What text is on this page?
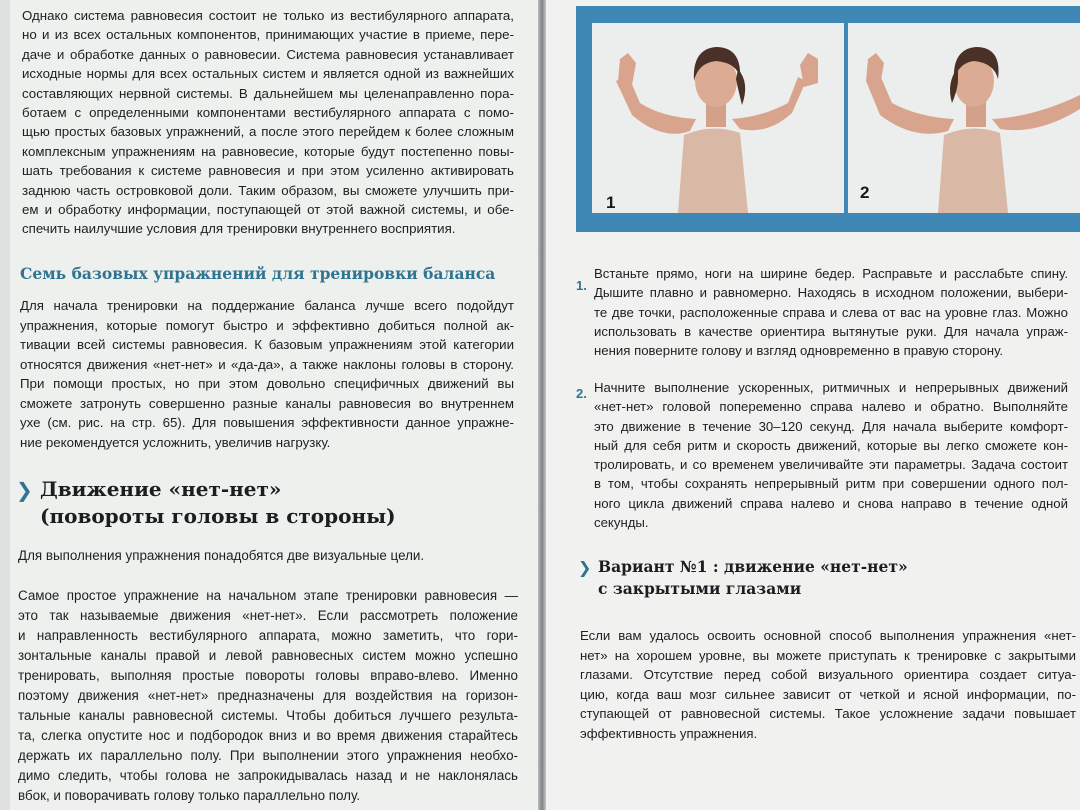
Однако система равновесия состоит не только из вестибулярного аппарата,
но и из всех остальных компонентов, принимающих участие в приеме, пере-
даче и обработке данных о равновесии. Система равновесия устанавливает
исходные нормы для всех остальных систем и является одной из важнейших
составляющих нервной системы. В дальнейшем мы целенаправленно пора-
ботаем с определенными компонентами вестибулярного аппарата с помо-
щью простых базовых упражнений, а после этого перейдем к более сложным
комплексным упражнениям на равновесие, которые будут постепенно повы-
шать требования к системе равновесия и при этом усиленно активировать
заднюю часть островковой доли. Таким образом, вы сможете улучшить при-
ем и обработку информации, поступающей от этой важной системы, и обе-
спечить наилучшие условия для тренировки внутреннего восприятия.

Семь базовых упражнений для тренировки баланса

Для начала тренировки на поддержание баланса лучше всего подойдут
упражнения, которые помогут быстро и эффективно добиться полной ак-
тивации всей системы равновесия. К базовым упражнениям этой категории
относятся движения «нет-нет» и «да-да», а также наклоны головы в сторону.
При помощи простых, но при этом довольно специфичных движений вы
сможете затронуть совершенно разные каналы равновесия во внутреннем
ухе (см. рис. на стр. 65). Для повышения эффективности данное упражне-
ние рекомендуется усложнить, увеличив нагрузку.

❯ Движение «нет-нет»
(повороты головы в стороны)

Для выполнения упражнения понадобятся две визуальные цели.

Самое простое упражнение на начальном этапе тренировки равновесия —
это так называемые движения «нет-нет». Если рассмотреть положение
и направленность вестибулярного аппарата, можно заметить, что гори-
зонтальные каналы правой и левой равновесных систем можно успешно
тренировать, выполняя простые повороты головы вправо-влево. Именно
поэтому движения «нет-нет» предназначены для воздействия на горизон-
тальные каналы равновесной системы. Чтобы добиться лучшего результа-
та, слегка опустите нос и подбородок вниз и во время движения старайтесь
держать их параллельно полу. При выполнении этого упражнения необхо-
димо следить, чтобы голова не запрокидывалась назад и не наклонялась
вбок, и поворачивать голову только параллельно полу.

1
2
1.

Встаньте прямо, ноги на ширине бедер. Расправьте и расслабьте спину.
Дышите плавно и равномерно. Находясь в исходном положении, выбери-
те две точки, расположенные справа и слева от вас на уровне глаз. Можно
использовать в качестве ориентира вытянутые руки. Для начала упраж-
нения поверните голову и взгляд одновременно в правую сторону.

2. Начните выполнение ускоренных, ритмичных и непрерывных движений
«нет-нет» головой попеременно справа налево и обратно. Выполняйте
это движение в течение 30–120 секунд. Для начала выберите комфорт-
ный для себя ритм и скорость движений, которые вы легко сможете кон-
тролировать, и со временем увеличивайте эти параметры. Задача состоит
в том, чтобы сохранять непрерывный ритм при совершении одного пол-
ного цикла движений справа налево и снова направо в течение одной
секунды.

❯ Вариант №1 : движение «нет-нет»
с закрытыми глазами

Если вам удалось освоить основной способ выполнения упражнения «нет-
нет» на хорошем уровне, вы можете приступать к тренировке с закрытыми
глазами. Отсутствие перед собой визуального ориентира создает ситуа-
цию, когда ваш мозг сильнее зависит от четкой и ясной информации, по-
ступающей от равновесной системы. Такое усложнение задачи повышает
эффективность упражнения.
